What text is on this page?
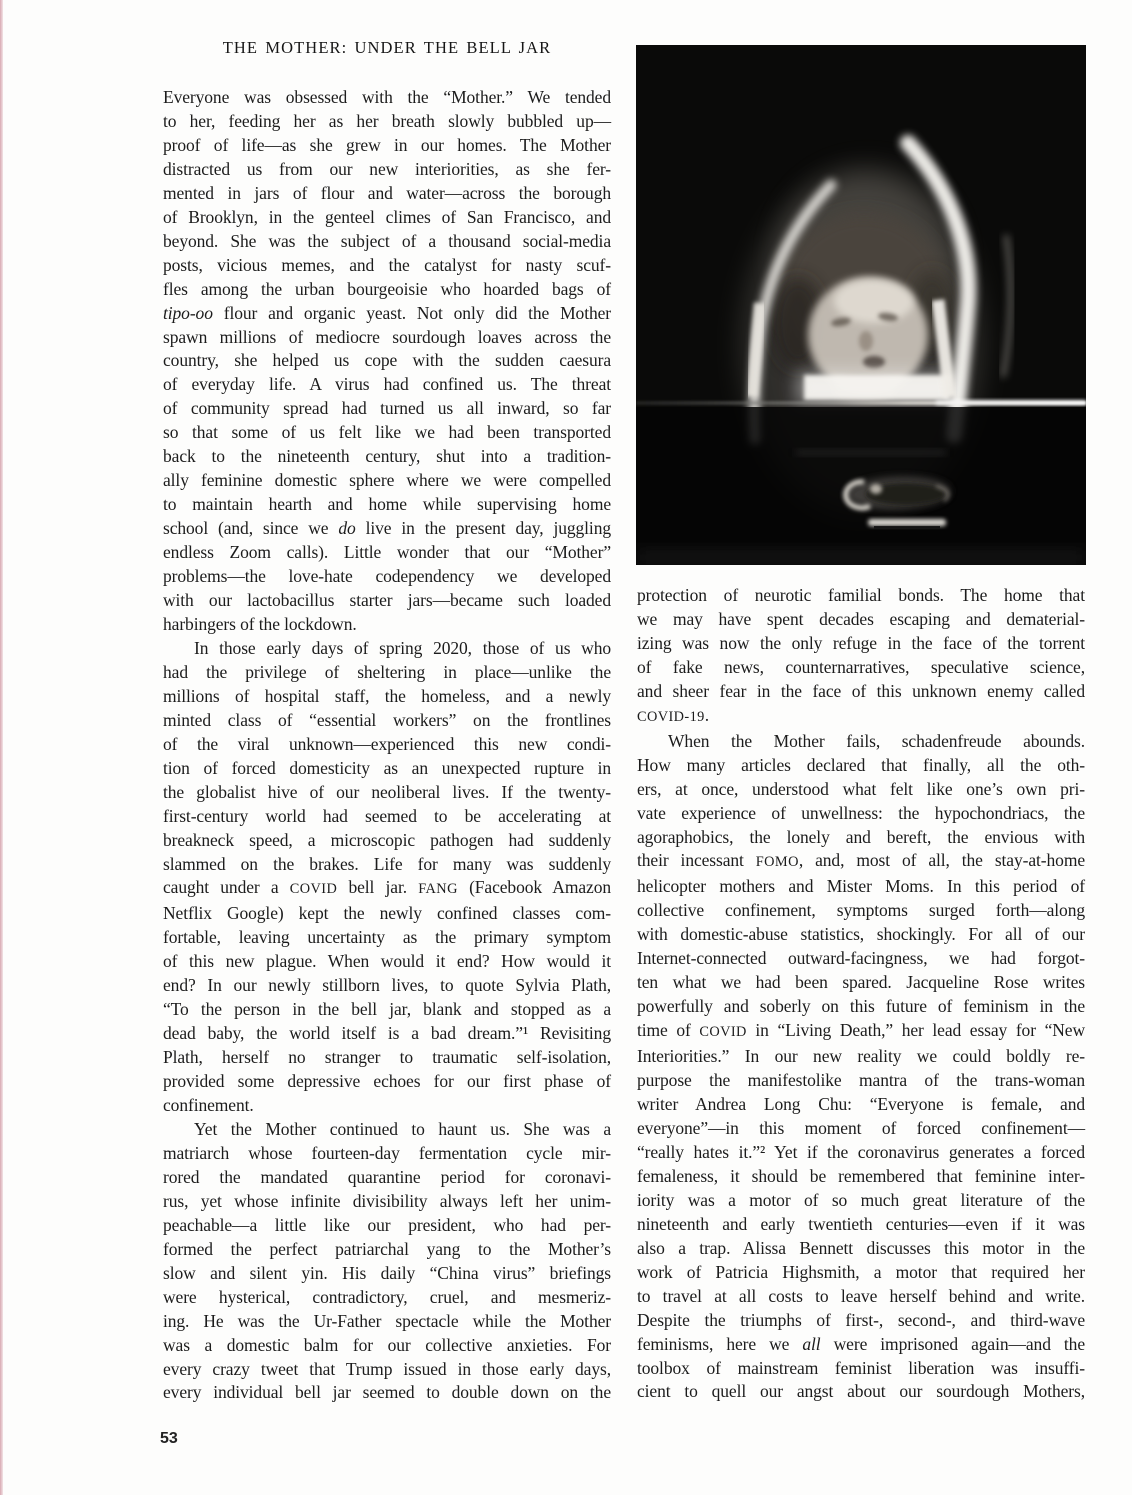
THE MOTHER: UNDER THE BELL JAR
Everyone was obsessed with the “Mother.” We tended
to her, feeding her as her breath slowly bubbled up—
proof of life—as she grew in our homes. The Mother
distracted us from our new interiorities, as she fer-
mented in jars of flour and water—across the borough
of Brooklyn, in the genteel climes of San Francisco, and
beyond. She was the subject of a thousand social-media
posts, vicious memes, and the catalyst for nasty scuf-
fles among the urban bourgeoisie who hoarded bags of
tipo-oo flour and organic yeast. Not only did the Mother
spawn millions of mediocre sourdough loaves across the
country, she helped us cope with the sudden caesura
of everyday life. A virus had confined us. The threat
of community spread had turned us all inward, so far
so that some of us felt like we had been transported
back to the nineteenth century, shut into a tradition-
ally feminine domestic sphere where we were compelled
to maintain hearth and home while supervising home
school (and, since we do live in the present day, juggling
endless Zoom calls). Little wonder that our “Mother”
problems—the love-hate codependency we developed
with our lactobacillus starter jars—became such loaded
harbingers of the lockdown.
In those early days of spring 2020, those of us who
had the privilege of sheltering in place—unlike the
millions of hospital staff, the homeless, and a newly
minted class of “essential workers” on the frontlines
of the viral unknown—experienced this new condi-
tion of forced domesticity as an unexpected rupture in
the globalist hive of our neoliberal lives. If the twenty-
first-century world had seemed to be accelerating at
breakneck speed, a microscopic pathogen had suddenly
slammed on the brakes. Life for many was suddenly
caught under a COVID bell jar. FANG (Facebook Amazon
Netflix Google) kept the newly confined classes com-
fortable, leaving uncertainty as the primary symptom
of this new plague. When would it end? How would it
end? In our newly stillborn lives, to quote Sylvia Plath,
“To the person in the bell jar, blank and stopped as a
dead baby, the world itself is a bad dream.”¹ Revisiting
Plath, herself no stranger to traumatic self-isolation,
provided some depressive echoes for our first phase of
confinement.
Yet the Mother continued to haunt us. She was a
matriarch whose fourteen-day fermentation cycle mir-
rored the mandated quarantine period for coronavi-
rus, yet whose infinite divisibility always left her unim-
peachable—a little like our president, who had per-
formed the perfect patriarchal yang to the Mother’s
slow and silent yin. His daily “China virus” briefings
were hysterical, contradictory, cruel, and mesmeriz-
ing. He was the Ur-Father spectacle while the Mother
was a domestic balm for our collective anxieties. For
every crazy tweet that Trump issued in those early days,
every individual bell jar seemed to double down on the
protection of neurotic familial bonds. The home that
we may have spent decades escaping and dematerial-
izing was now the only refuge in the face of the torrent
of fake news, counternarratives, speculative science,
and sheer fear in the face of this unknown enemy called
COVID-19.
When the Mother fails, schadenfreude abounds.
How many articles declared that finally, all the oth-
ers, at once, understood what felt like one’s own pri-
vate experience of unwellness: the hypochondriacs, the
agoraphobics, the lonely and bereft, the envious with
their incessant FOMO, and, most of all, the stay-at-home
helicopter mothers and Mister Moms. In this period of
collective confinement, symptoms surged forth—along
with domestic-abuse statistics, shockingly. For all of our
Internet-connected outward-facingness, we had forgot-
ten what we had been spared. Jacqueline Rose writes
powerfully and soberly on this future of feminism in the
time of COVID in “Living Death,” her lead essay for “New
Interiorities.” In our new reality we could boldly re-
purpose the manifestolike mantra of the trans-woman
writer Andrea Long Chu: “Everyone is female, and
everyone”—in this moment of forced confinement—
“really hates it.”² Yet if the coronavirus generates a forced
femaleness, it should be remembered that feminine inter-
iority was a motor of so much great literature of the
nineteenth and early twentieth centuries—even if it was
also a trap. Alissa Bennett discusses this motor in the
work of Patricia Highsmith, a motor that required her
to travel at all costs to leave herself behind and write.
Despite the triumphs of first-, second-, and third-wave
feminisms, here we all were imprisoned again—and the
toolbox of mainstream feminist liberation was insuffi-
cient to quell our angst about our sourdough Mothers,
53
